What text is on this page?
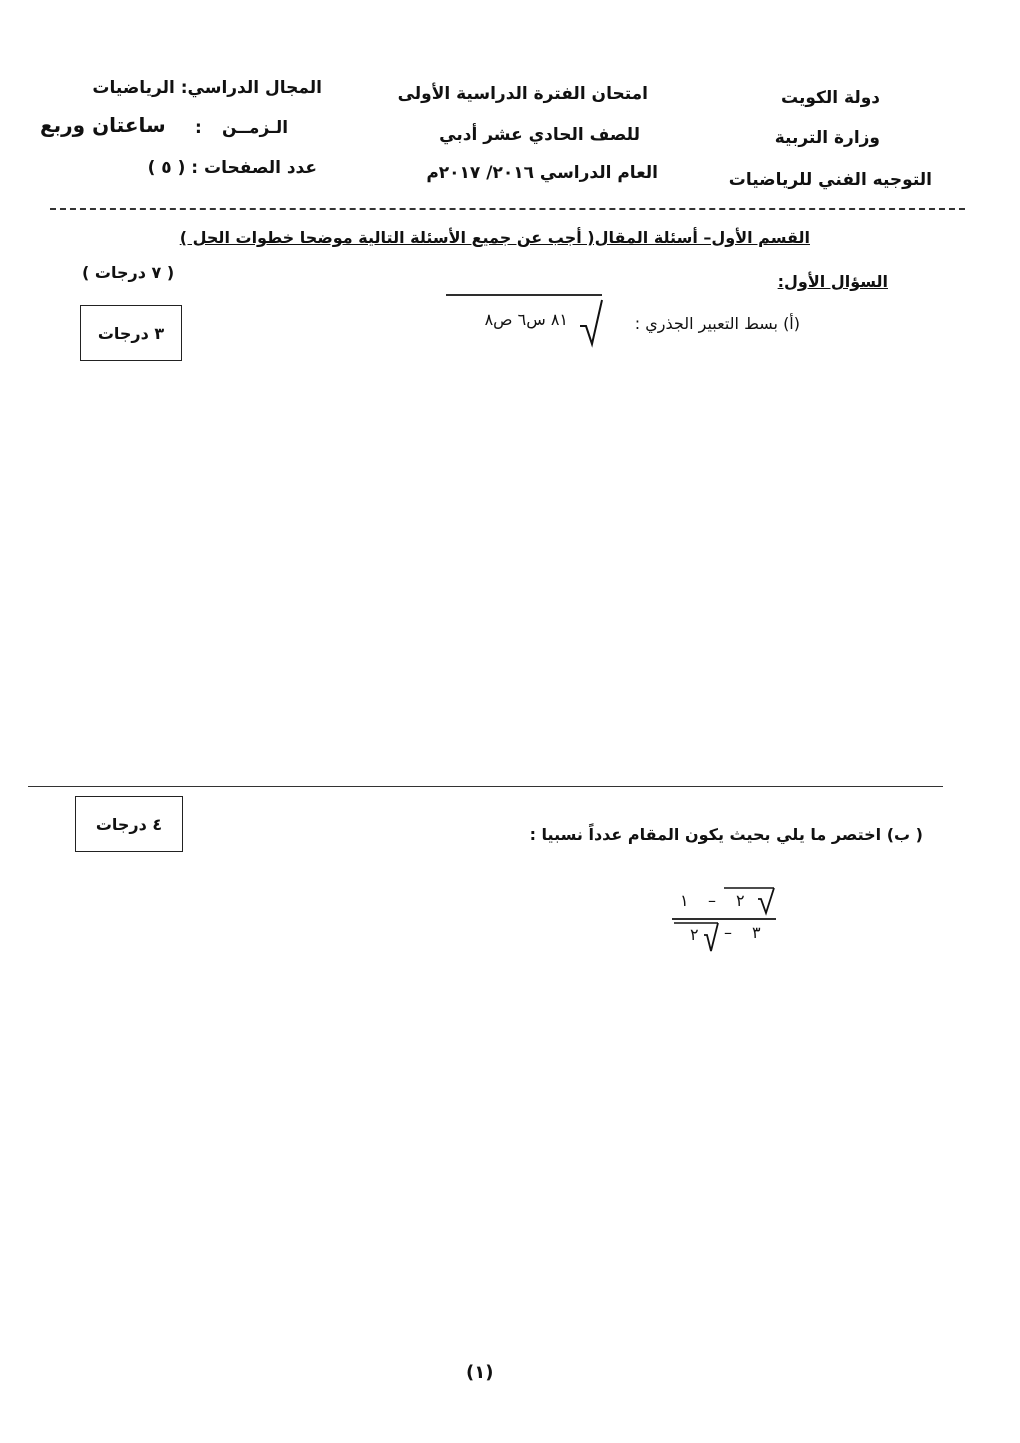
دولة الكويت
وزارة التربية
التوجيه الفني للرياضيات
امتحان الفترة الدراسية الأولى
للصف الحادي عشر أدبي
العام الدراسي ٢٠١٦/ ٢٠١٧م
المجال الدراسي: الرياضيات
الـزمــن
:
ساعتان وربع
عدد الصفحات : ( ٥ )
القسم الأول– أسئلة المقال( أجب عن جميع الأسئلة التالية موضحا خطوات الحل )
السؤال الأول:
( ٧ درجات )
(أ) بسط التعبير الجذري :
٨١ س٦ ص٨
٣ درجات
٤ درجات
( ب) اختصر ما يلي بحيث يكون المقام عدداً نسبيا :
٢
–
١
٣
–
٢
(١)
